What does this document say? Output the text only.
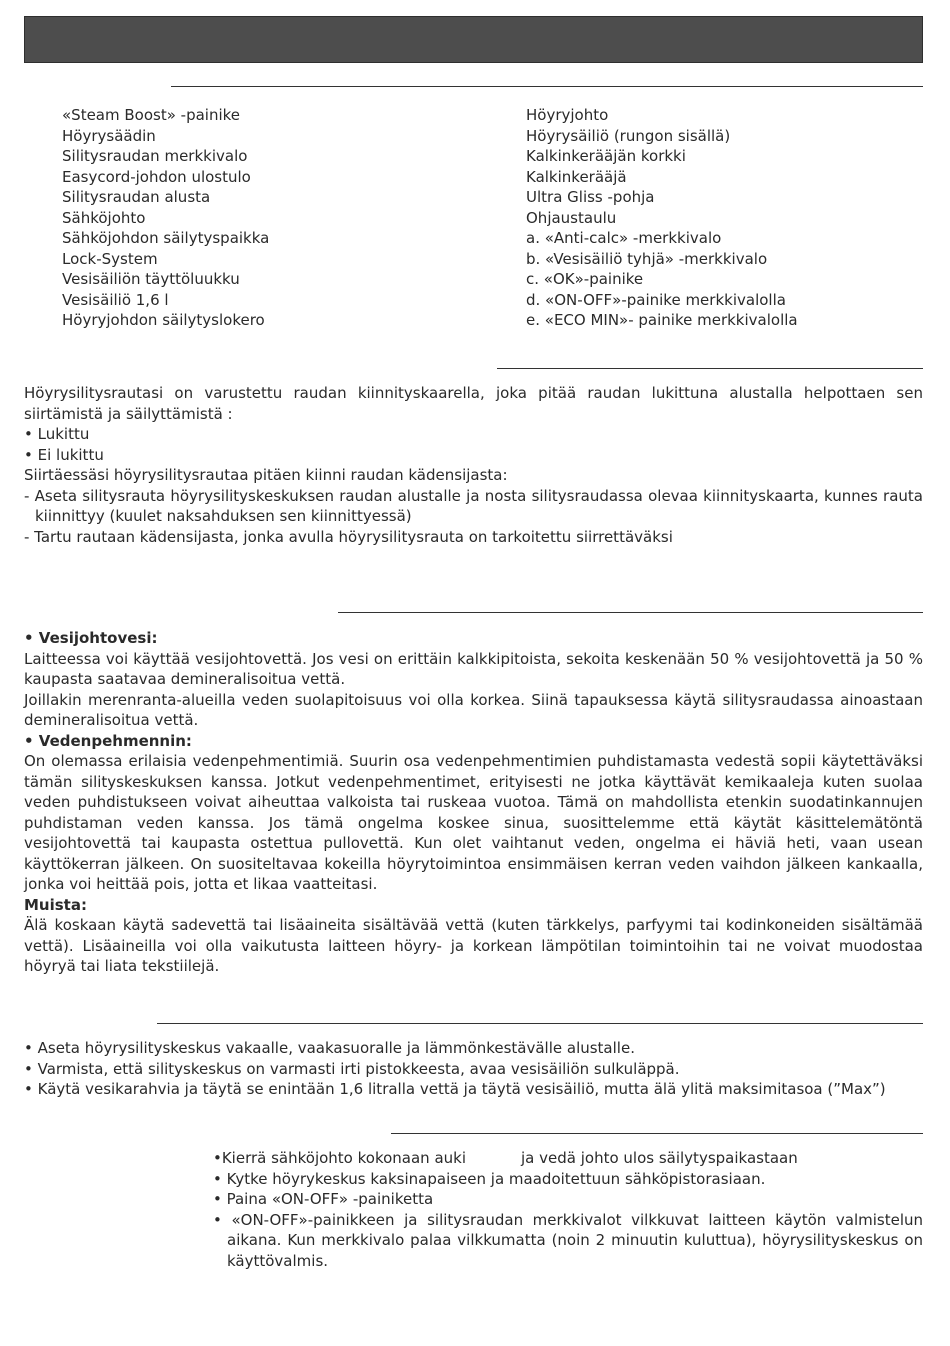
«Steam Boost» -painike
Höyrysäädin
Silitysraudan merkkivalo
Easycord-johdon ulostulo
Silitysraudan alusta
Sähköjohto
Sähköjohdon säilytyspaikka
Lock-System
Vesisäiliön täyttöluukku
Vesisäiliö 1,6 l
Höyryjohdon säilytyslokero
Höyryjohto
Höyrysäiliö (rungon sisällä)
Kalkinkerääjän korkki
Kalkinkerääjä
Ultra Gliss -pohja
Ohjaustaulu
a. «Anti-calc» -merkkivalo
b. «Vesisäiliö tyhjä» -merkkivalo
c. «OK»-painike
d. «ON-OFF»-painike merkkivalolla
e. «ECO MIN»- painike merkkivalolla

Höyrysilitysrautasi on varustettu raudan kiinnityskaarella, joka pitää raudan lukittuna alustalla helpottaen sen siirtämistä ja säilyttämistä :

• Lukittu

• Ei lukittu

Siirtäessäsi höyrysilitysrautaa pitäen kiinni raudan kädensijasta:

- Aseta silitysrauta höyrysilityskeskuksen raudan alustalle ja nosta silitysraudassa olevaa kiinnityskaarta, kunnes rauta kiinnittyy (kuulet naksahduksen sen kiinnittyessä)

- Tartu rautaan kädensijasta, jonka avulla höyrysilitysrauta on tarkoitettu siirrettäväksi

• Vesijohtovesi:

Laitteessa voi käyttää vesijohtovettä. Jos vesi on erittäin kalkkipitoista, sekoita keskenään 50 % vesijohtovettä ja 50 % kaupasta saatavaa demineralisoitua vettä.

Joillakin merenranta-alueilla veden suolapitoisuus voi olla korkea. Siinä tapauksessa käytä silitysraudassa ainoastaan demineralisoitua vettä.

• Vedenpehmennin:

On olemassa erilaisia vedenpehmentimiä. Suurin osa vedenpehmentimien puhdistamasta vedestä sopii käytettäväksi tämän silityskeskuksen kanssa. Jotkut vedenpehmentimet, erityisesti ne jotka käyttävät kemikaaleja kuten suolaa veden puhdistukseen voivat aiheuttaa valkoista tai ruskeaa vuotoa. Tämä on mahdollista etenkin suodatinkannujen puhdistaman veden kanssa. Jos tämä ongelma koskee sinua, suosittelemme että käytät käsittelemätöntä vesijohtovettä tai kaupasta ostettua pullovettä. Kun olet vaihtanut veden, ongelma ei häviä heti, vaan usean käyttökerran jälkeen. On suositeltavaa kokeilla höyrytoimintoa ensimmäisen kerran veden vaihdon jälkeen kankaalla, jonka voi heittää pois, jotta et likaa vaatteitasi.

Muista:

Älä koskaan käytä sadevettä tai lisäaineita sisältävää vettä (kuten tärkkelys, parfyymi tai kodinkoneiden sisältämää vettä). Lisäaineilla voi olla vaikutusta laitteen höyry- ja korkean lämpötilan toimintoihin tai ne voivat muodostaa höyryä tai liata tekstiilejä.

• Aseta höyrysilityskeskus vakaalle, vaakasuoralle ja lämmönkestävälle alustalle.

• Varmista, että silityskeskus on varmasti irti pistokkeesta, avaa vesisäiliön sulkuläppä.

• Käytä vesikarahvia ja täytä se enintään 1,6 litralla vettä ja täytä vesisäiliö, mutta älä ylitä maksimitasoa (”Max”)

•Kierrä sähköjohto kokonaan auki	ja vedä johto ulos säilytyspaikastaan

• Kytke höyrykeskus kaksinapaiseen ja maadoitettuun sähköpistorasiaan.

• Paina «ON-OFF» -painiketta

• «ON-OFF»-painikkeen ja silitysraudan merkkivalot vilkkuvat laitteen käytön valmistelun aikana. Kun merkkivalo palaa vilkkumatta (noin 2 minuutin kuluttua), höyrysilityskeskus on käyttövalmis.
